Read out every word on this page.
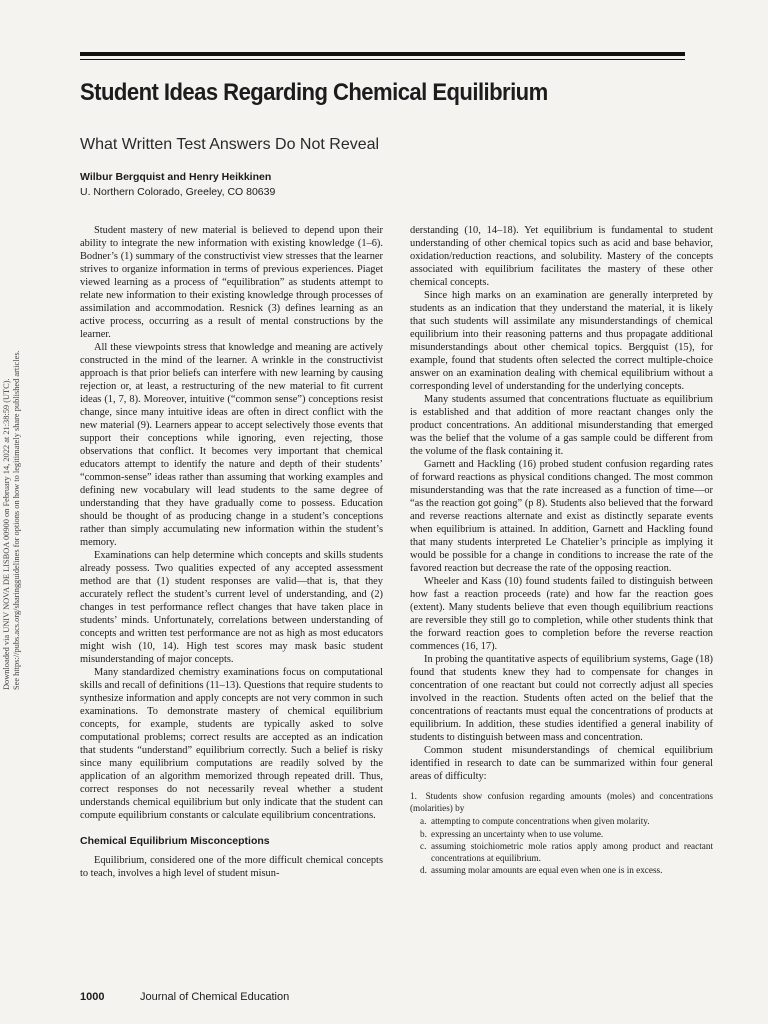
Student Ideas Regarding Chemical Equilibrium
What Written Test Answers Do Not Reveal

Wilbur Bergquist and Henry Heikkinen

U. Northern Colorado, Greeley, CO 80639

Downloaded via UNIV NOVA DE LISBOA 00900 on February 14, 2022 at 21:38:59 (UTC). See https://pubs.acs.org/sharingguidelines for options on how to legitimately share published articles.

Student mastery of new material is believed to depend upon their ability to integrate the new information with existing knowledge (1–6). Bodner’s (1) summary of the constructivist view stresses that the learner strives to organize information in terms of previous experiences. Piaget viewed learning as a process of “equilibration” as students attempt to relate new information to their existing knowledge through processes of assimilation and accommodation. Resnick (3) defines learning as an active process, occurring as a result of mental constructions by the learner.

All these viewpoints stress that knowledge and meaning are actively constructed in the mind of the learner. A wrinkle in the constructivist approach is that prior beliefs can interfere with new learning by causing rejection or, at least, a restructuring of the new material to fit current ideas (1, 7, 8). Moreover, intuitive (“common sense”) conceptions resist change, since many intuitive ideas are often in direct conflict with the new material (9). Learners appear to accept selectively those events that support their conceptions while ignoring, even rejecting, those observations that conflict. It becomes very important that chemical educators attempt to identify the nature and depth of their students’ “common-sense” ideas rather than assuming that working examples and defining new vocabulary will lead students to the same degree of understanding that they have gradually come to possess. Education should be thought of as producing change in a student’s conceptions rather than simply accumulating new information within the student’s memory.

Examinations can help determine which concepts and skills students already possess. Two qualities expected of any accepted assessment method are that (1) student responses are valid—that is, that they accurately reflect the student’s current level of understanding, and (2) changes in test performance reflect changes that have taken place in students’ minds. Unfortunately, correlations between understanding of concepts and written test performance are not as high as most educators might wish (10, 14). High test scores may mask basic student misunderstanding of major concepts.

Many standardized chemistry examinations focus on computational skills and recall of definitions (11–13). Questions that require students to synthesize information and apply concepts are not very common in such examinations. To demonstrate mastery of chemical equilibrium concepts, for example, students are typically asked to solve computational problems; correct results are accepted as an indication that students “understand” equilibrium correctly. Such a belief is risky since many equilibrium computations are readily solved by the application of an algorithm memorized through repeated drill. Thus, correct responses do not necessarily reveal whether a student understands chemical equilibrium but only indicate that the student can compute equilibrium constants or calculate equilibrium concentrations.

Chemical Equilibrium Misconceptions

Equilibrium, considered one of the more difficult chemical concepts to teach, involves a high level of student misun-

derstanding (10, 14–18). Yet equilibrium is fundamental to student understanding of other chemical topics such as acid and base behavior, oxidation/reduction reactions, and solubility. Mastery of the concepts associated with equilibrium facilitates the mastery of these other chemical concepts.

Since high marks on an examination are generally interpreted by students as an indication that they understand the material, it is likely that such students will assimilate any misunderstandings of chemical equilibrium into their reasoning patterns and thus propagate additional misunderstandings about other chemical topics. Bergquist (15), for example, found that students often selected the correct multiple-choice answer on an examination dealing with chemical equilibrium without a corresponding level of understanding for the underlying concepts.

Many students assumed that concentrations fluctuate as equilibrium is established and that addition of more reactant changes only the product concentrations. An additional misunderstanding that emerged was the belief that the volume of a gas sample could be different from the volume of the flask containing it.

Garnett and Hackling (16) probed student confusion regarding rates of forward reactions as physical conditions changed. The most common misunderstanding was that the rate increased as a function of time—or “as the reaction got going” (p 8). Students also believed that the forward and reverse reactions alternate and exist as distinctly separate events when equilibrium is attained. In addition, Garnett and Hackling found that many students interpreted Le Chatelier’s principle as implying it would be possible for a change in conditions to increase the rate of the favored reaction but decrease the rate of the opposing reaction.

Wheeler and Kass (10) found students failed to distinguish between how fast a reaction proceeds (rate) and how far the reaction goes (extent). Many students believe that even though equilibrium reactions are reversible they still go to completion, while other students think that the forward reaction goes to completion before the reverse reaction commences (16, 17).

In probing the quantitative aspects of equilibrium systems, Gage (18) found that students knew they had to compensate for changes in concentration of one reactant but could not correctly adjust all species involved in the reaction. Students often acted on the belief that the concentrations of reactants must equal the concentrations of products at equilibrium. In addition, these studies identified a general inability of students to distinguish between mass and concentration.

Common student misunderstandings of chemical equilibrium identified in research to date can be summarized within four general areas of difficulty:

1. Students show confusion regarding amounts (moles) and concentrations (molarities) by
a. attempting to compute concentrations when given molarity.
b. expressing an uncertainty when to use volume.
c. assuming stoichiometric mole ratios apply among product and reactant concentrations at equilibrium.
d. assuming molar amounts are equal even when one is in excess.
1000	Journal of Chemical Education
